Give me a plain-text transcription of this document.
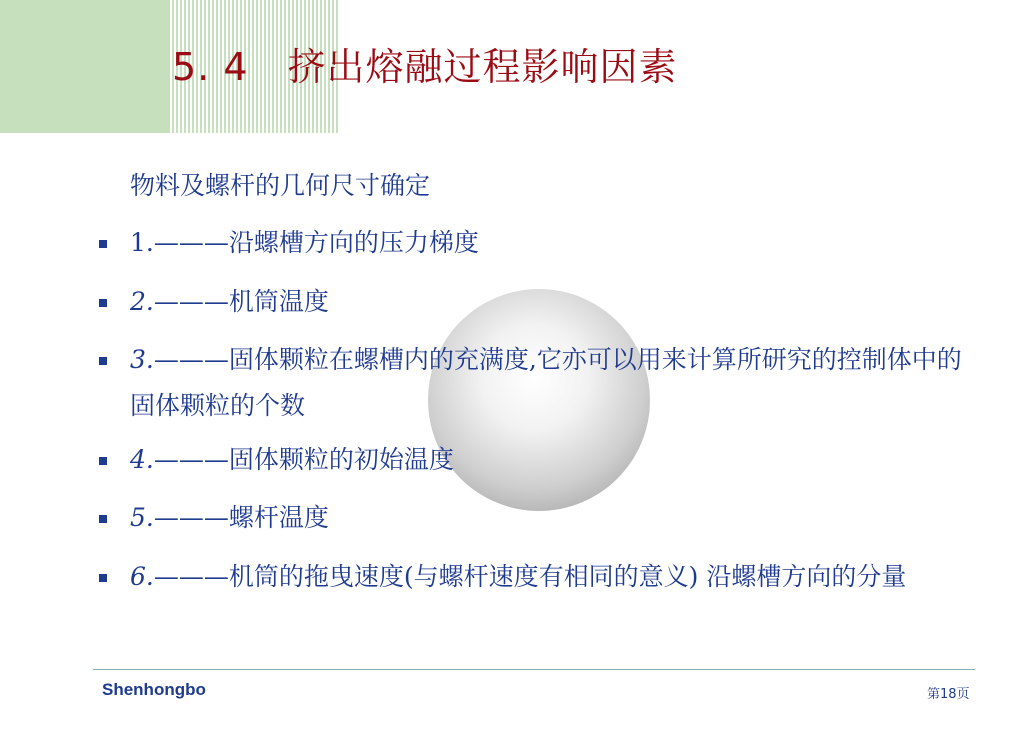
5. 4　挤出熔融过程影响因素
物料及螺杆的几何尺寸确定
1.———沿螺槽方向的压力梯度
2.———机筒温度
3.———固体颗粒在螺槽内的充满度,它亦可以用来计算所研究的控制体中的固体颗粒的个数
4.———固体颗粒的初始温度
5.———螺杆温度
6.———机筒的拖曳速度(与螺杆速度有相同的意义) 沿螺槽方向的分量
Shenhongbo	第18页
